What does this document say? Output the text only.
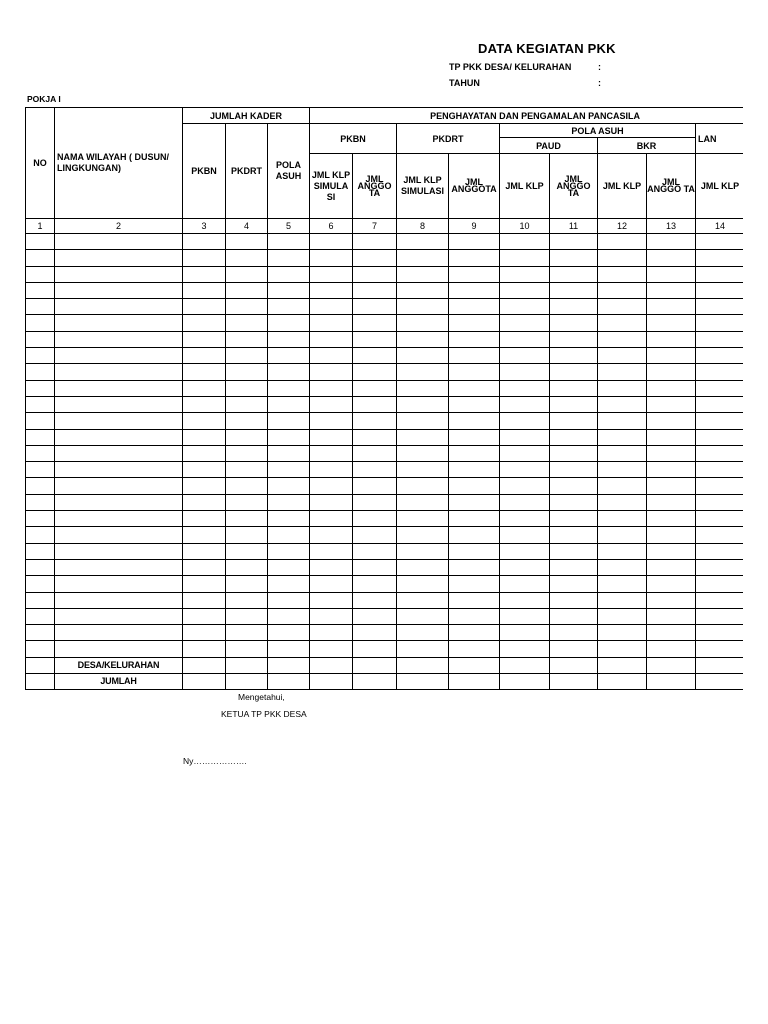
DATA KEGIATAN PKK
TP PKK DESA/ KELURAHAN	:
TAHUN	:
POKJA I
NO	NAMA WILAYAH ( DUSUN/ LINGKUNGAN)	JUMLAH KADER			PENGHAYATAN DAN PENGAMALAN PANCASILA									
		PKBN	PKDRT	POLA ASUH	PKBN		PKDRT		POLA ASUH				LAN	
									PAUD		BKR			
					JML KLP SIMULA SI	JML ANGGO TA	JML KLP SIMULASI	JML ANGGOTA	JML KLP	JML ANGGO TA	JML KLP	JML ANGGO TA	JML KLP	
1	2	3	4	5	6	7	8	9	10	11	12	13	14	

	DESA/KELURAHAN													
	JUMLAH													
Mengetahui,
KETUA TP PKK DESA
Ny……………….
